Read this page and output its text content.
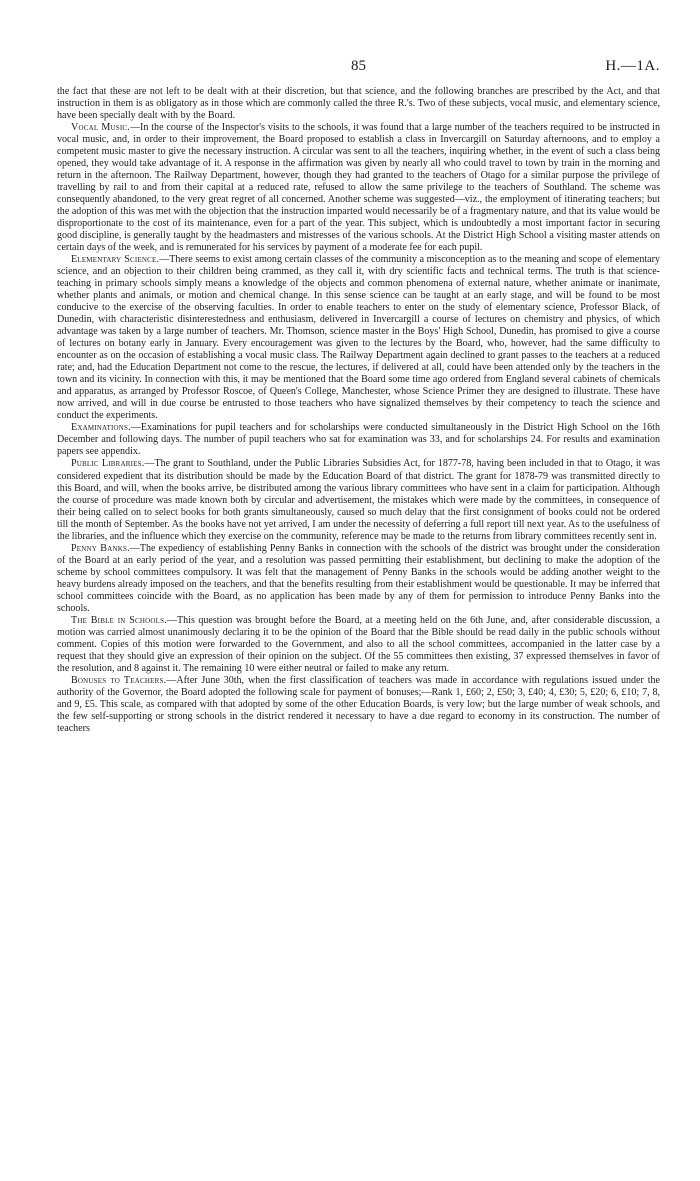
85	H.—1A.

the fact that these are not left to be dealt with at their discretion, but that science, and the following branches are prescribed by the Act, and that instruction in them is as obligatory as in those which are commonly called the three R.'s. Two of these subjects, vocal music, and elementary science, have been specially dealt with by the Board.

Vocal Music.—In the course of the Inspector's visits to the schools, it was found that a large number of the teachers required to be instructed in vocal music, and, in order to their improvement, the Board proposed to establish a class in Invercargill on Saturday afternoons, and to employ a competent music master to give the necessary instruction. A circular was sent to all the teachers, inquiring whether, in the event of such a class being opened, they would take advantage of it. A response in the affirmation was given by nearly all who could travel to town by train in the morning and return in the afternoon. The Railway Department, however, though they had granted to the teachers of Otago for a similar purpose the privilege of travelling by rail to and from their capital at a reduced rate, refused to allow the same privilege to the teachers of Southland. The scheme was consequently abandoned, to the very great regret of all concerned. Another scheme was suggested—viz., the employment of itinerating teachers; but the adoption of this was met with the objection that the instruction imparted would necessarily be of a fragmentary nature, and that its value would be disproportionate to the cost of its maintenance, even for a part of the year. This subject, which is undoubtedly a most important factor in securing good discipline, is generally taught by the headmasters and mistresses of the various schools. At the District High School a visiting master attends on certain days of the week, and is remunerated for his services by payment of a moderate fee for each pupil.

Elementary Science.—There seems to exist among certain classes of the community a misconception as to the meaning and scope of elementary science, and an objection to their children being crammed, as they call it, with dry scientific facts and technical terms. The truth is that science-teaching in primary schools simply means a knowledge of the objects and common phenomena of external nature, whether animate or inanimate, whether plants and animals, or motion and chemical change. In this sense science can be taught at an early stage, and will be found to be most conducive to the exercise of the observing faculties. In order to enable teachers to enter on the study of elementary science, Professor Black, of Dunedin, with characteristic disinterestedness and enthusiasm, delivered in Invercargill a course of lectures on chemistry and physics, of which advantage was taken by a large number of teachers. Mr. Thomson, science master in the Boys' High School, Dunedin, has promised to give a course of lectures on botany early in January. Every encouragement was given to the lectures by the Board, who, however, had the same difficulty to encounter as on the occasion of establishing a vocal music class. The Railway Department again declined to grant passes to the teachers at a reduced rate; and, had the Education Department not come to the rescue, the lectures, if delivered at all, could have been attended only by the teachers in the town and its vicinity. In connection with this, it may be mentioned that the Board some time ago ordered from England several cabinets of chemicals and apparatus, as arranged by Professor Roscoe, of Queen's College, Manchester, whose Science Primer they are designed to illustrate. These have now arrived, and will in due course be entrusted to those teachers who have signalized themselves by their competency to teach the science and conduct the experiments.

Examinations.—Examinations for pupil teachers and for scholarships were conducted simultaneously in the District High School on the 16th December and following days. The number of pupil teachers who sat for examination was 33, and for scholarships 24. For results and examination papers see appendix.

Public Libraries.—The grant to Southland, under the Public Libraries Subsidies Act, for 1877-78, having been included in that to Otago, it was considered expedient that its distribution should be made by the Education Board of that district. The grant for 1878-79 was transmitted directly to this Board, and will, when the books arrive, be distributed among the various library committees who have sent in a claim for participation. Although the course of procedure was made known both by circular and advertisement, the mistakes which were made by the committees, in consequence of their being called on to select books for both grants simultaneously, caused so much delay that the first consignment of books could not be ordered till the month of September. As the books have not yet arrived, I am under the necessity of deferring a full report till next year. As to the usefulness of the libraries, and the influence which they exercise on the community, reference may be made to the returns from library committees recently sent in.

Penny Banks.—The expediency of establishing Penny Banks in connection with the schools of the district was brought under the consideration of the Board at an early period of the year, and a resolution was passed permitting their establishment, but declining to make the adoption of the scheme by school committees compulsory. It was felt that the management of Penny Banks in the schools would be adding another weight to the heavy burdens already imposed on the teachers, and that the benefits resulting from their establishment would be questionable. It may be inferred that school committees coincide with the Board, as no application has been made by any of them for permission to introduce Penny Banks into the schools.

The Bible in Schools.—This question was brought before the Board, at a meeting held on the 6th June, and, after considerable discussion, a motion was carried almost unanimously declaring it to be the opinion of the Board that the Bible should be read daily in the public schools without comment. Copies of this motion were forwarded to the Government, and also to all the school committees, accompanied in the latter case by a request that they should give an expression of their opinion on the subject. Of the 55 committees then existing, 37 expressed themselves in favor of the resolution, and 8 against it. The remaining 10 were either neutral or failed to make any return.

Bonuses to Teachers.—After June 30th, when the first classification of teachers was made in accordance with regulations issued under the authority of the Governor, the Board adopted the following scale for payment of bonuses;—Rank 1, £60; 2, £50; 3, £40; 4, £30; 5, £20; 6, £10; 7, 8, and 9, £5. This scale, as compared with that adopted by some of the other Education Boards, is very low; but the large number of weak schools, and the few self-supporting or strong schools in the district rendered it necessary to have a due regard to economy in its construction. The number of teachers
